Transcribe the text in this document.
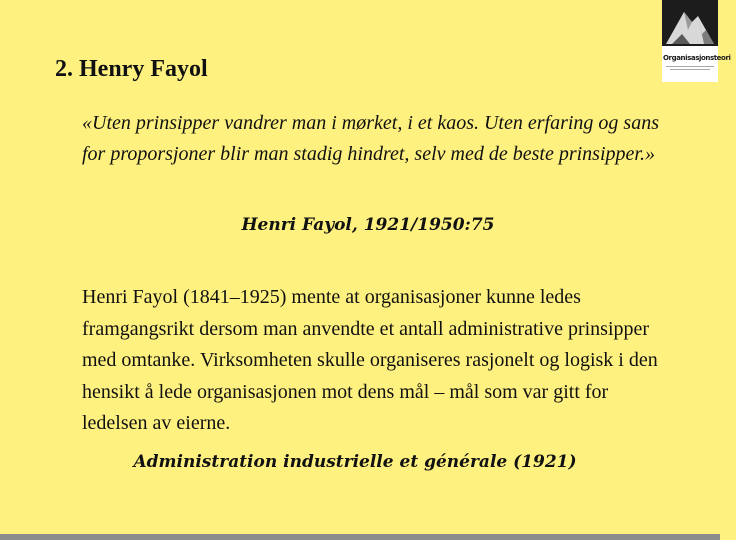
2. Henry Fayol

«Uten prinsipper vandrer man i mørket, i et kaos. Uten erfaring og sans for proporsjoner blir man stadig hindret, selv med de beste prinsipper.»

Henri Fayol, 1921/1950:75

Henri Fayol (1841–1925) mente at organisasjoner kunne ledes framgangsrikt dersom man anvendte et antall administrative prinsipper med omtanke. Virksomheten skulle organiseres rasjonelt og logisk i den hensikt å lede organisasjonen mot dens mål – mål som var gitt for ledelsen av eierne.

Administration industrielle et générale (1921)
Organisasjonsteori
